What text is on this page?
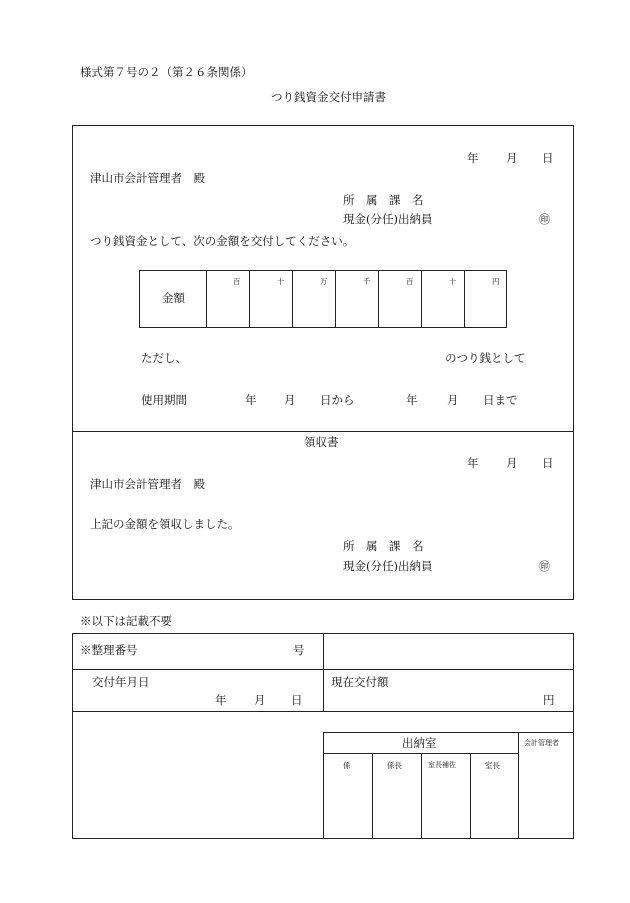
様式第７号の２（第２６条関係）
つり銭資金交付申請書
年 月 日
津山市会計管理者　殿
所　属　課　名
現金(分任)出納員	㊞
つり銭資金として、次の金額を交付してください。
金額
百	十	万	千	百	十	円
ただし、	のつり銭として
使用期間	年 月 日から	年	月 日まで
領収書
年 月 日
津山市会計管理者　殿
上記の金額を領収しました。
所　属　課　名
現金(分任)出納員	㊞
※以下は記載不要
※整理番号	号
交付年月日
年 月 日
現在交付額
円
出納室	会計管理者
係	係長	室長補佐	室長
